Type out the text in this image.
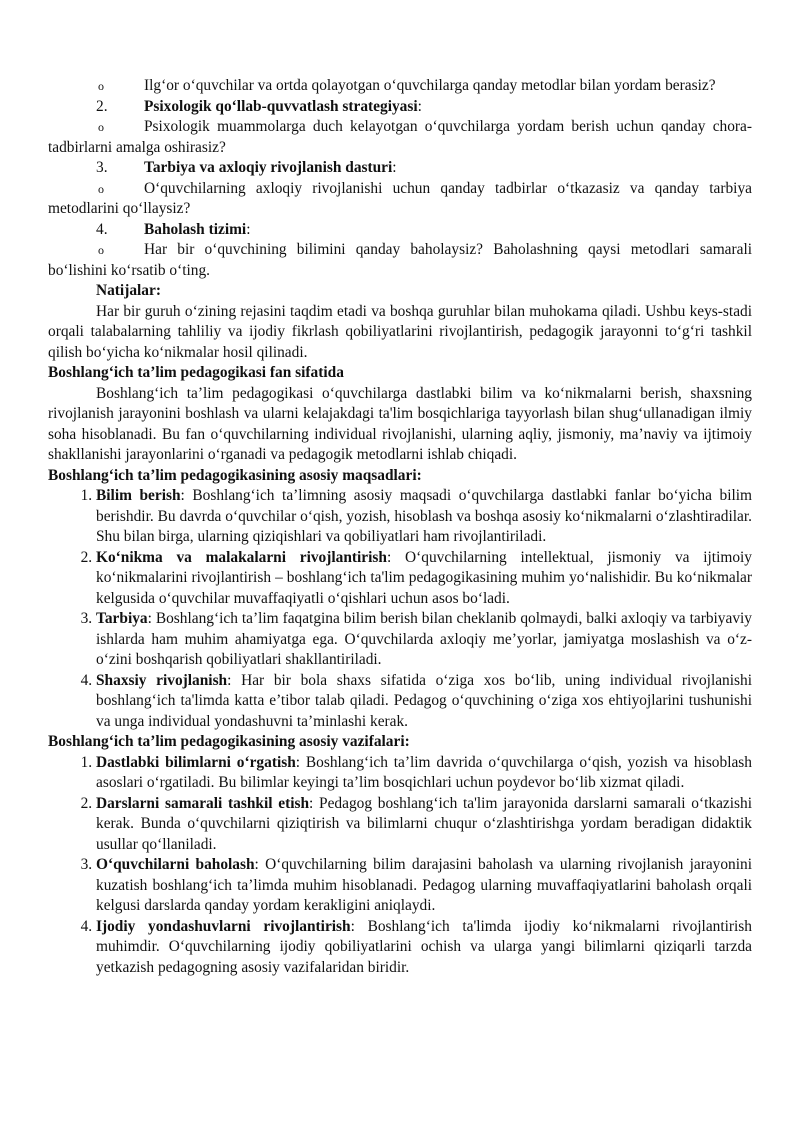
o	Ilg‘or o‘quvchilar va ortda qolayotgan o‘quvchilarga qanday metodlar bilan yordam berasiz?

2. Psixologik qo‘llab-quvvatlash strategiyasi:

o	Psixologik muammolarga duch kelayotgan o‘quvchilarga yordam berish uchun qanday chora-tadbirlarni amalga oshirasiz?

3. Tarbiya va axloqiy rivojlanish dasturi:

o	O‘quvchilarning axloqiy rivojlanishi uchun qanday tadbirlar o‘tkazasiz va qanday tarbiya metodlarini qo‘llaysiz?

4. Baholash tizimi:

o	Har bir o‘quvchining bilimini qanday baholaysiz? Baholashning qaysi metodlari samarali bo‘lishini ko‘rsatib o‘ting.

Natijalar:

Har bir guruh o‘zining rejasini taqdim etadi va boshqa guruhlar bilan muhokama qiladi. Ushbu keys-stadi orqali talabalarning tahliliy va ijodiy fikrlash qobiliyatlarini rivojlantirish, pedagogik jarayonni to‘g‘ri tashkil qilish bo‘yicha ko‘nikmalar hosil qilinadi.

Boshlang‘ich ta’lim pedagogikasi fan sifatida

Boshlang‘ich ta’lim pedagogikasi o‘quvchilarga dastlabki bilim va ko‘nikmalarni berish, shaxsning rivojlanish jarayonini boshlash va ularni kelajakdagi ta'lim bosqichlariga tayyorlash bilan shug‘ullanadigan ilmiy soha hisoblanadi. Bu fan o‘quvchilarning individual rivojlanishi, ularning aqliy, jismoniy, ma’naviy va ijtimoiy shakllanishi jarayonlarini o‘rganadi va pedagogik metodlarni ishlab chiqadi.

Boshlang‘ich ta’lim pedagogikasining asosiy maqsadlari:

1. Bilim berish: Boshlang‘ich ta’limning asosiy maqsadi o‘quvchilarga dastlabki fanlar bo‘yicha bilim berishdir. Bu davrda o‘quvchilar o‘qish, yozish, hisoblash va boshqa asosiy ko‘nikmalarni o‘zlashtiradilar. Shu bilan birga, ularning qiziqishlari va qobiliyatlari ham rivojlantiriladi.
2. Ko‘nikma va malakalarni rivojlantirish: O‘quvchilarning intellektual, jismoniy va ijtimoiy ko‘nikmalarini rivojlantirish – boshlang‘ich ta'lim pedagogikasining muhim yo‘nalishidir. Bu ko‘nikmalar kelgusida o‘quvchilar muvaffaqiyatli o‘qishlari uchun asos bo‘ladi.
3. Tarbiya: Boshlang‘ich ta’lim faqatgina bilim berish bilan cheklanib qolmaydi, balki axloqiy va tarbiyaviy ishlarda ham muhim ahamiyatga ega. O‘quvchilarda axloqiy me’yorlar, jamiyatga moslashish va o‘z-o‘zini boshqarish qobiliyatlari shakllantiriladi.
4. Shaxsiy rivojlanish: Har bir bola shaxs sifatida o‘ziga xos bo‘lib, uning individual rivojlanishi boshlang‘ich ta'limda katta e’tibor talab qiladi. Pedagog o‘quvchining o‘ziga xos ehtiyojlarini tushunishi va unga individual yondashuvni ta’minlashi kerak.

Boshlang‘ich ta’lim pedagogikasining asosiy vazifalari:

1. Dastlabki bilimlarni o‘rgatish: Boshlang‘ich ta’lim davrida o‘quvchilarga o‘qish, yozish va hisoblash asoslari o‘rgatiladi. Bu bilimlar keyingi ta’lim bosqichlari uchun poydevor bo‘lib xizmat qiladi.
2. Darslarni samarali tashkil etish: Pedagog boshlang‘ich ta'lim jarayonida darslarni samarali o‘tkazishi kerak. Bunda o‘quvchilarni qiziqtirish va bilimlarni chuqur o‘zlashtirishga yordam beradigan didaktik usullar qo‘llaniladi.
3. O‘quvchilarni baholash: O‘quvchilarning bilim darajasini baholash va ularning rivojlanish jarayonini kuzatish boshlang‘ich ta’limda muhim hisoblanadi. Pedagog ularning muvaffaqiyatlarini baholash orqali kelgusi darslarda qanday yordam kerakligini aniqlaydi.
4. Ijodiy yondashuvlarni rivojlantirish: Boshlang‘ich ta'limda ijodiy ko‘nikmalarni rivojlantirish muhimdir. O‘quvchilarning ijodiy qobiliyatlarini ochish va ularga yangi bilimlarni qiziqarli tarzda yetkazish pedagogning asosiy vazifalaridan biridir.
